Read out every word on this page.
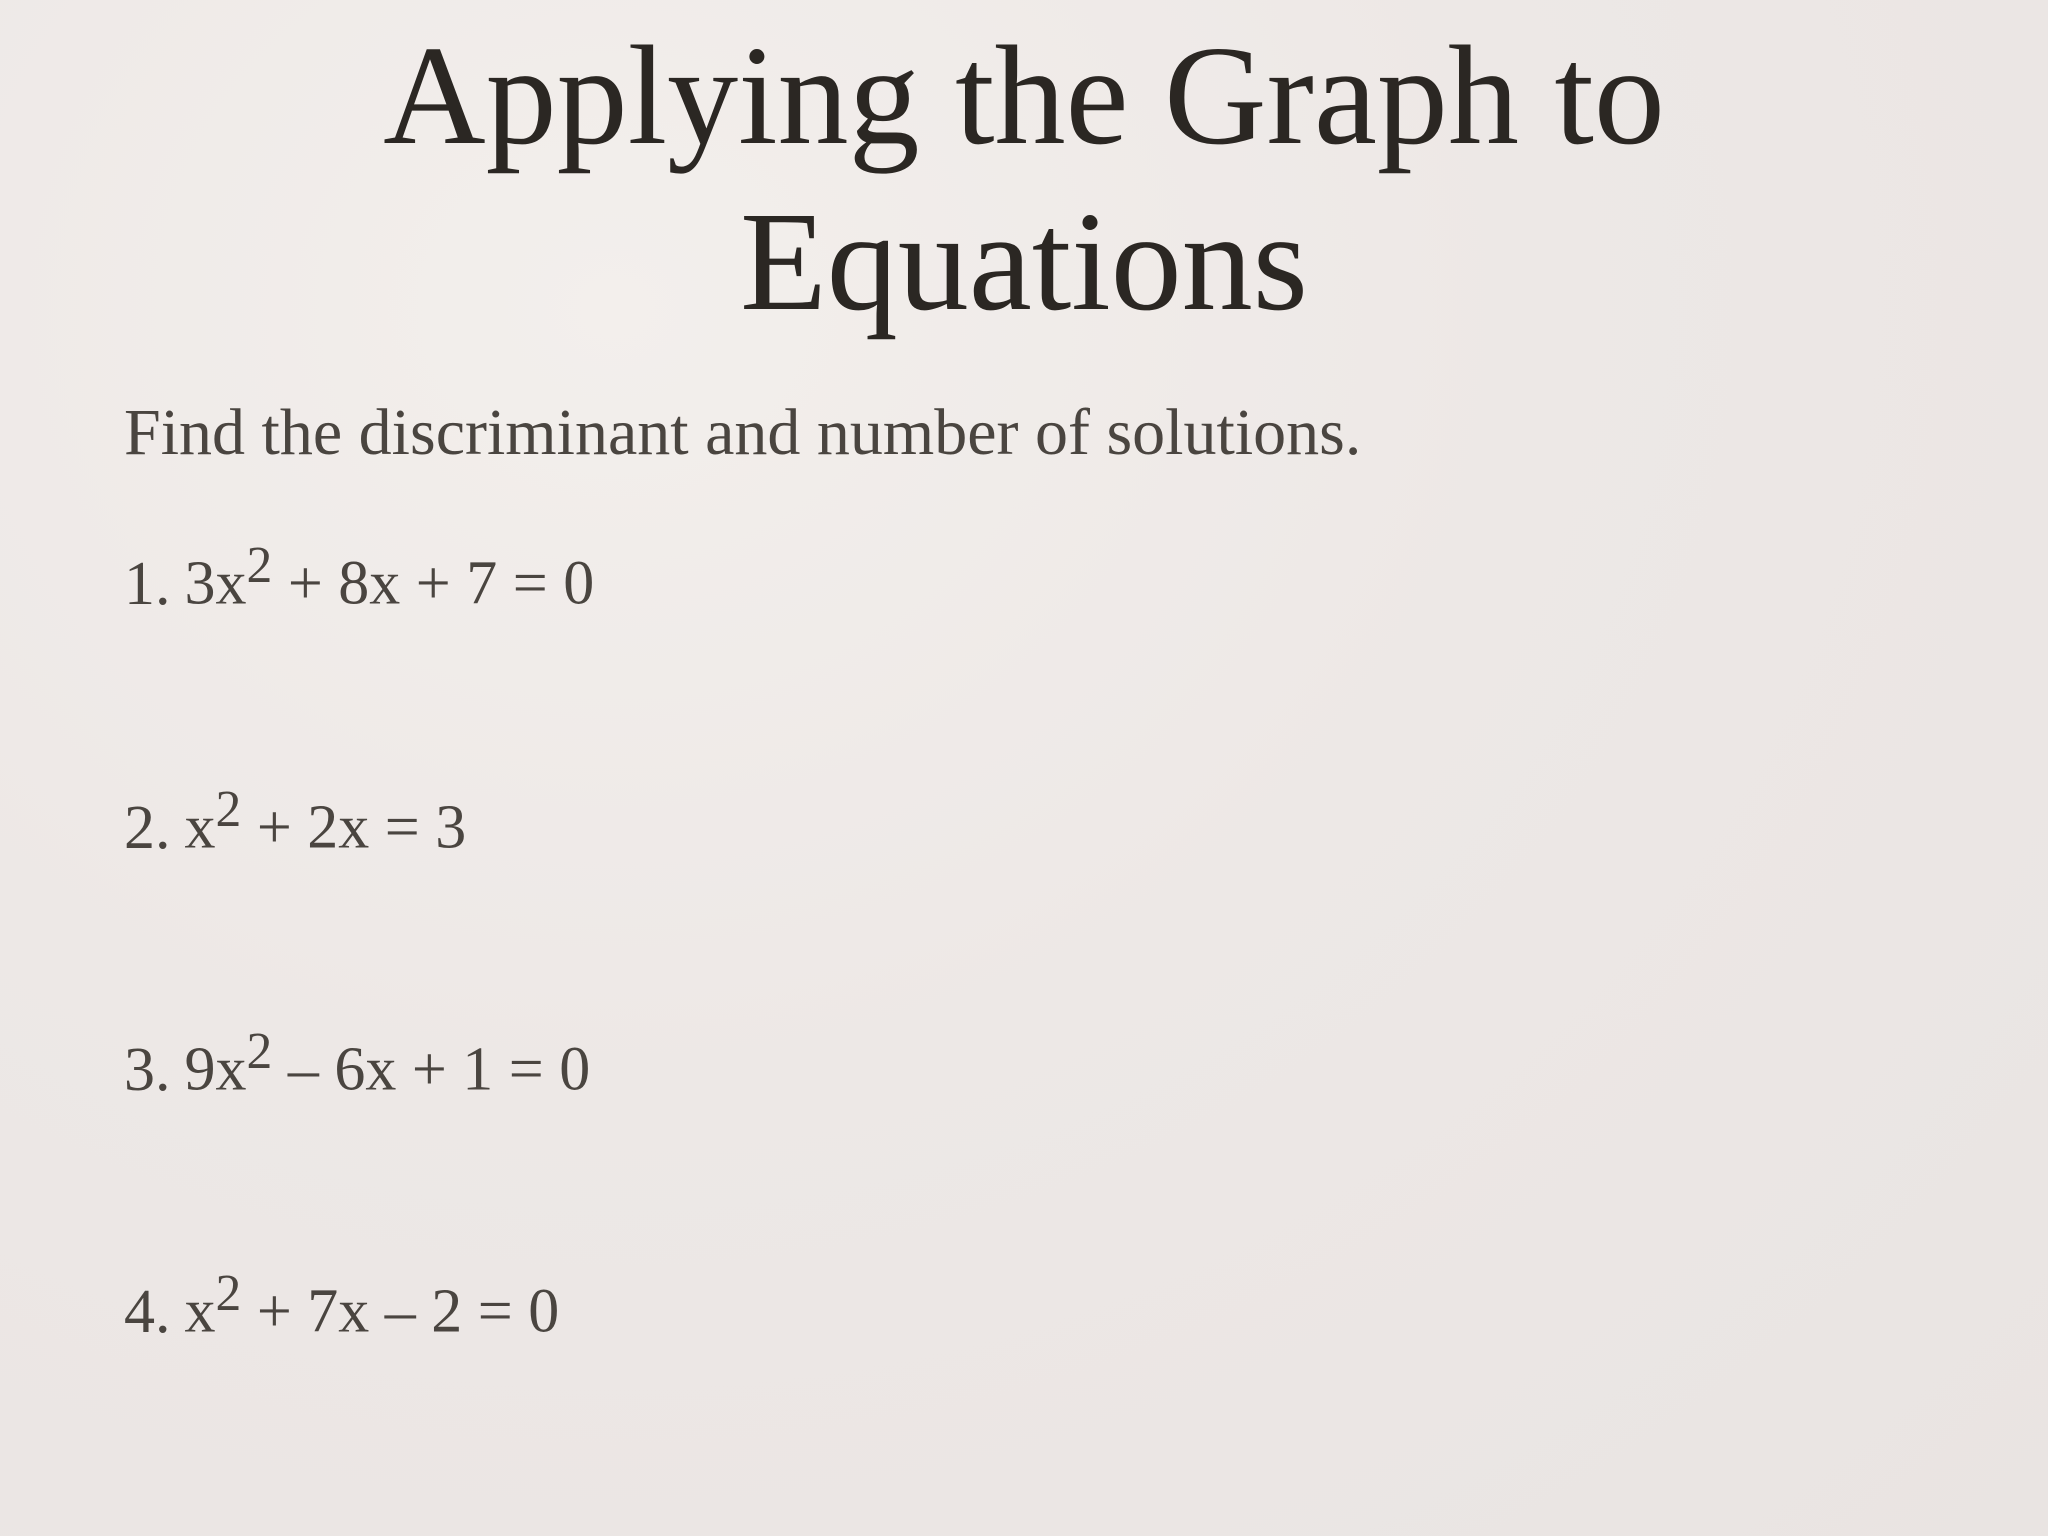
Applying the Graph to
Equations
Find the discriminant and number of solutions.
1. $3x^2 + 8x + 7 = 0$
2. $x^2 + 2x = 3$
3. $9x^2 - 6x + 1 = 0$
4. $x^2 + 7x - 2 = 0$
